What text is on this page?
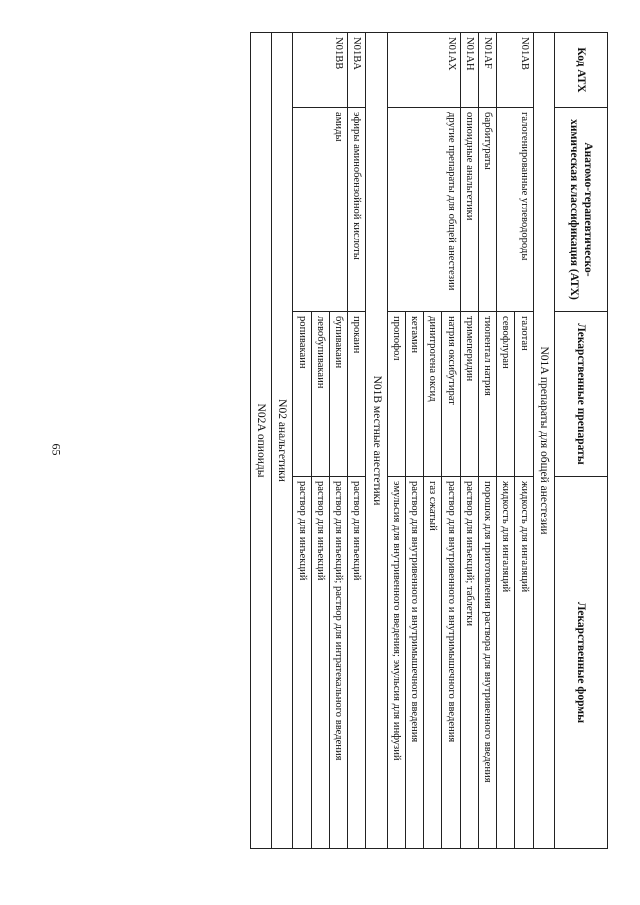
65
Код АТХ	Анатомо-терапевтическо-химическая классификация (АТХ)	Лекарственные препараты	Лекарственные формы
N01A препараты для общей анестезии			
N01AB	галогенированные углеводороды	галотан	жидкость для ингаляций
		севофлуран	жидкость для ингаляций
N01AF	барбитураты	тиопентал натрия	порошок для приготовления раствора для внутривенного введения
N01AH	опиоидные анальгетики	тримеперидин	раствор для инъекций; таблетки
N01AX	другие препараты для общей анестезии	натрия оксибутират	раствор для внутривенного и внутримышечного введения
		динитрогена оксид	газ сжатый
		кетамин	раствор для внутривенного и внутримышечного введения
		пропофол	эмульсия для внутривенного введения; эмульсия для инфузий
N01B местные анестетики			
N01BA	эфиры аминобензойной кислоты	прокаин	раствор для инъекций
N01BB	амиды	бупивакаин	раствор для инъекций; раствор для интратекального введения
		левобупивакаин	раствор для инъекций
		ропивакаин	раствор для инъекций
N02 анальгетики			
N02A опиоиды			
